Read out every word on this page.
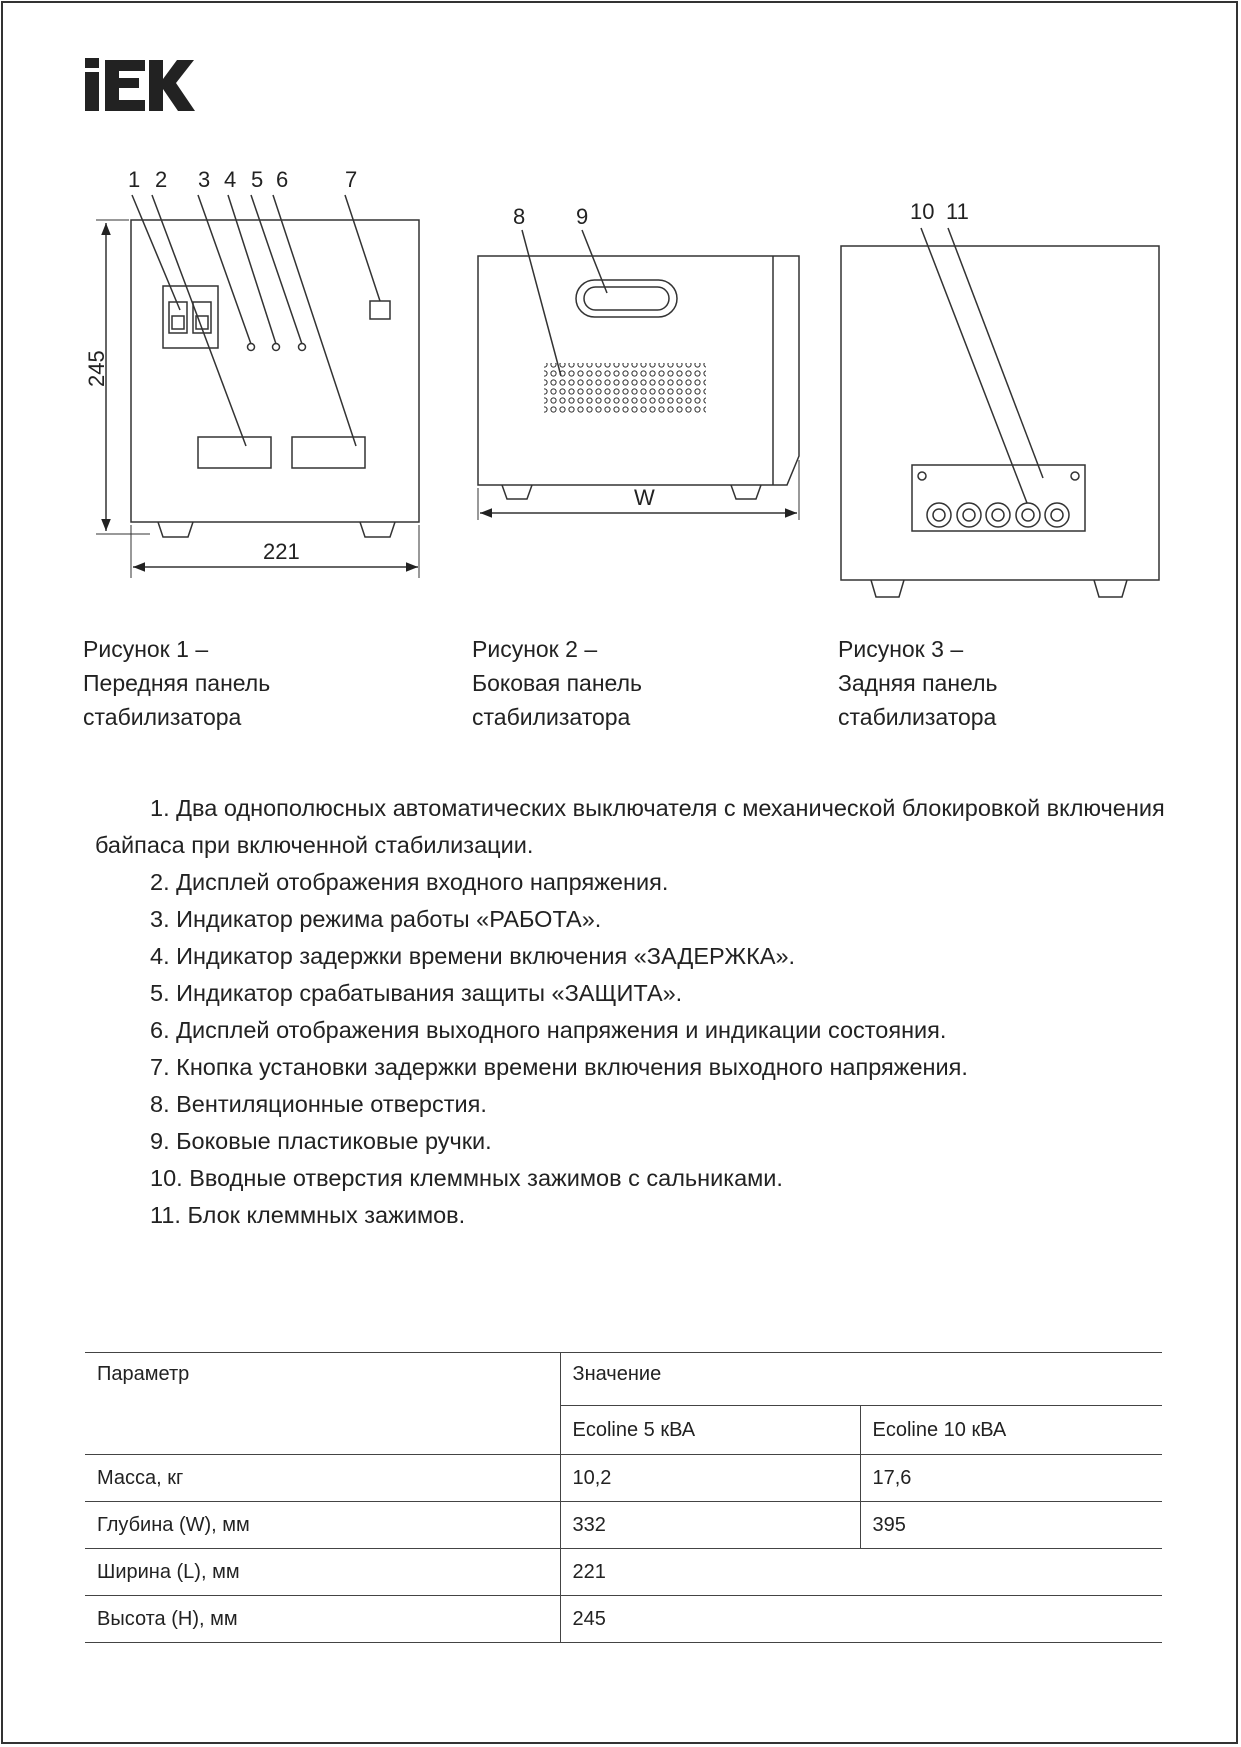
1 2 3 4 5 6	7
245
221
8 9
W
10 11
Рисунок 1 –
Передняя панель
стабилизатора
Рисунок 2 –
Боковая панель
стабилизатора
Рисунок 3 –
Задняя панель
стабилизатора

1. Два однополюсных автоматических выключателя с механической блокировкой включения байпаса при включенной стабилизации.

2. Дисплей отображения входного напряжения.

3. Индикатор режима работы «РАБОТА».

4. Индикатор задержки времени включения «ЗАДЕРЖКА».

5. Индикатор срабатывания защиты «ЗАЩИТА».

6. Дисплей отображения выходного напряжения и индикации состояния.

7. Кнопка установки задержки времени включения выходного напряжения.

8. Вентиляционные отверстия.

9. Боковые пластиковые ручки.

10. Вводные отверстия клеммных зажимов с сальниками.

11. Блок клеммных зажимов.

Параметр	Значение	
	Ecoline 5 кВА	Ecoline 10 кВА
Масса, кг	10,2	17,6
Глубина (W), мм	332	395
Ширина (L), мм	221	
Высота (H), мм	245	
